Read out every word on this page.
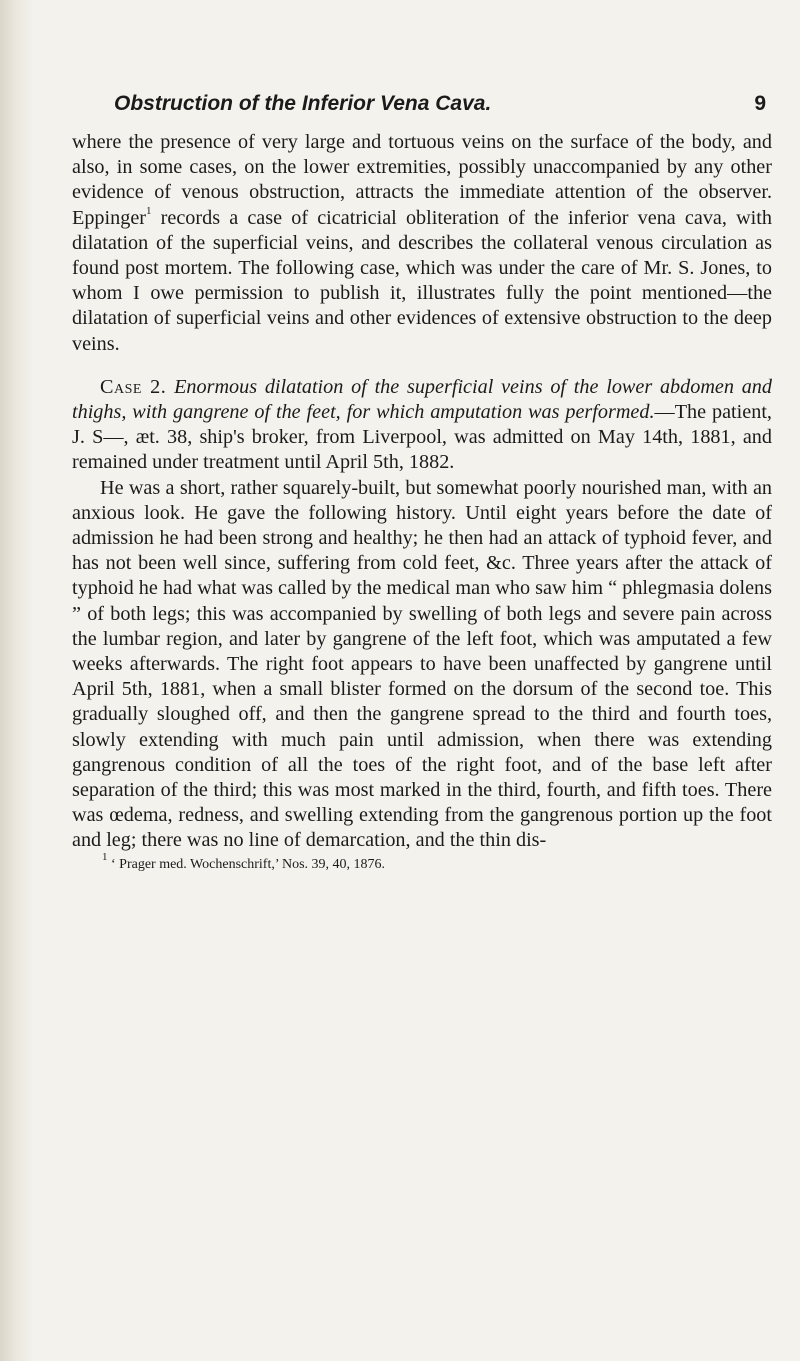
Obstruction of the Inferior Vena Cava.	9

where the presence of very large and tortuous veins on the surface of the body, and also, in some cases, on the lower extremities, possibly unaccompanied by any other evidence of venous obstruction, attracts the immediate attention of the observer. Eppinger$^1$ records a case of cicatricial obliteration of the inferior vena cava, with dilatation of the superficial veins, and describes the collateral venous circulation as found post mortem. The following case, which was under the care of Mr. S. Jones, to whom I owe permission to publish it, illustrates fully the point mentioned—the dilatation of superficial veins and other evidences of extensive obstruction to the deep veins.

Case 2. Enormous dilatation of the superficial veins of the lower abdomen and thighs, with gangrene of the feet, for which amputation was performed.—The patient, J. S—, æt. 38, ship's broker, from Liverpool, was admitted on May 14th, 1881, and remained under treatment until April 5th, 1882.

He was a short, rather squarely-built, but somewhat poorly nourished man, with an anxious look. He gave the following history. Until eight years before the date of admission he had been strong and healthy; he then had an attack of typhoid fever, and has not been well since, suffering from cold feet, &c. Three years after the attack of typhoid he had what was called by the medical man who saw him “ phlegmasia dolens ” of both legs; this was accompanied by swelling of both legs and severe pain across the lumbar region, and later by gangrene of the left foot, which was amputated a few weeks afterwards. The right foot appears to have been unaffected by gangrene until April 5th, 1881, when a small blister formed on the dorsum of the second toe. This gradually sloughed off, and then the gangrene spread to the third and fourth toes, slowly extending with much pain until admission, when there was extending gangrenous condition of all the toes of the right foot, and of the base left after separation of the third; this was most marked in the third, fourth, and fifth toes. There was œdema, redness, and swelling extending from the gangrenous portion up the foot and leg; there was no line of demarcation, and the thin dis-

$^1$ ‘ Prager med. Wochenschrift,’ Nos. 39, 40, 1876.
